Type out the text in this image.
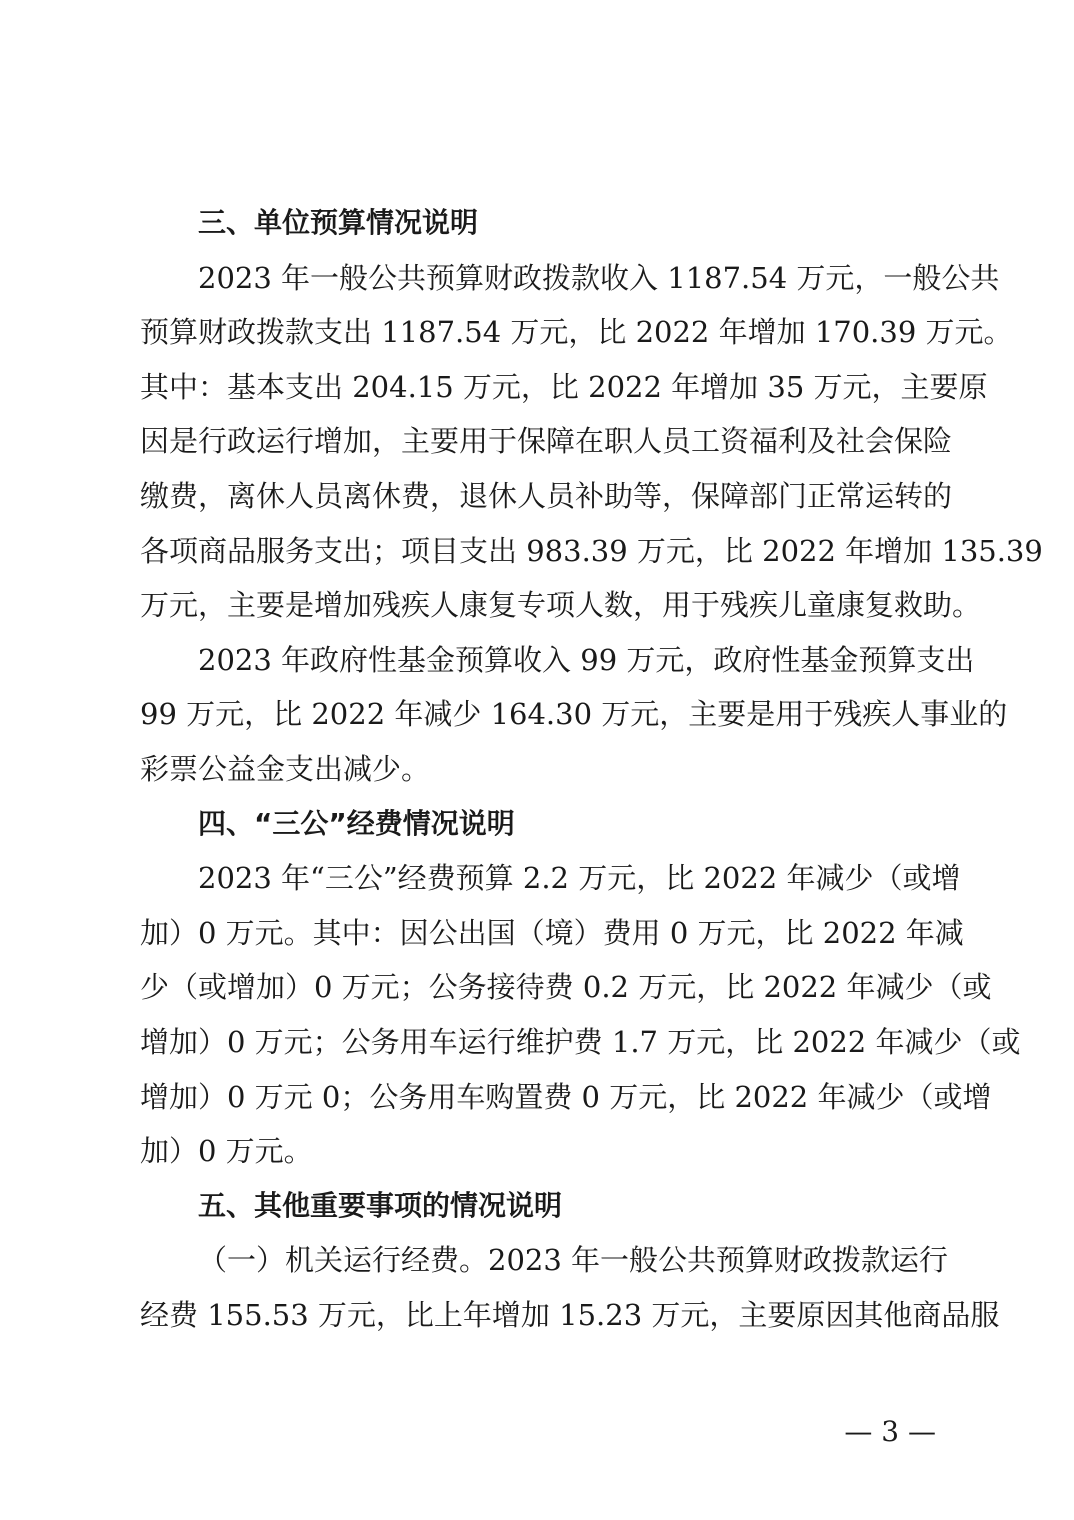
三、单位预算情况说明
2023 年一般公共预算财政拨款收入 1187.54 万元，一般公共
预算财政拨款支出 1187.54 万元，比 2022 年增加 170.39 万元。
其中：基本支出 204.15 万元，比 2022 年增加 35 万元，主要原
因是行政运行增加，主要用于保障在职人员工资福利及社会保险
缴费，离休人员离休费，退休人员补助等，保障部门正常运转的
各项商品服务支出；项目支出 983.39 万元，比 2022 年增加 135.39
万元，主要是增加残疾人康复专项人数，用于残疾儿童康复救助。
2023 年政府性基金预算收入 99 万元，政府性基金预算支出
99 万元，比 2022 年减少 164.30 万元，主要是用于残疾人事业的
彩票公益金支出减少。
四、“三公”经费情况说明
2023 年“三公”经费预算 2.2 万元，比 2022 年减少（或增
加）0 万元。其中：因公出国（境）费用 0 万元，比 2022 年减
少（或增加）0 万元；公务接待费 0.2 万元，比 2022 年减少（或
增加）0 万元；公务用车运行维护费 1.7 万元，比 2022 年减少（或
增加）0 万元 0；公务用车购置费 0 万元，比 2022 年减少（或增
加）0 万元。
五、其他重要事项的情况说明
（一）机关运行经费。2023 年一般公共预算财政拨款运行
经费 155.53 万元，比上年增加 15.23 万元，主要原因其他商品服
— 3 —
